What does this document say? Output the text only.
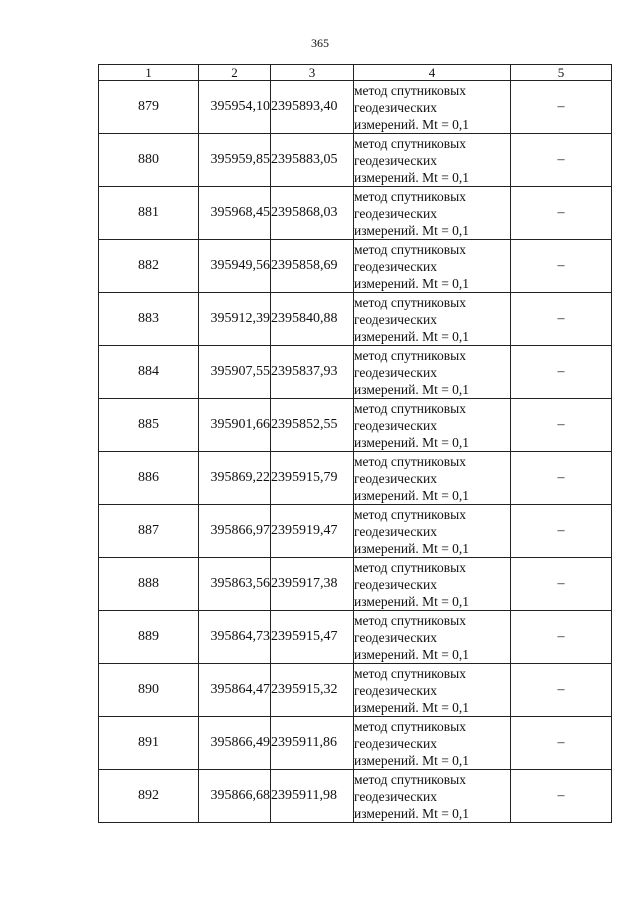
365
1	2	3	4	5
879	395954,10	2395893,40	метод спутниковых
геодезических
измерений. Mt = 0,1	–
880	395959,85	2395883,05	метод спутниковых
геодезических
измерений. Mt = 0,1	–
881	395968,45	2395868,03	метод спутниковых
геодезических
измерений. Mt = 0,1	–
882	395949,56	2395858,69	метод спутниковых
геодезических
измерений. Mt = 0,1	–
883	395912,39	2395840,88	метод спутниковых
геодезических
измерений. Mt = 0,1	–
884	395907,55	2395837,93	метод спутниковых
геодезических
измерений. Mt = 0,1	–
885	395901,66	2395852,55	метод спутниковых
геодезических
измерений. Mt = 0,1	–
886	395869,22	2395915,79	метод спутниковых
геодезических
измерений. Mt = 0,1	–
887	395866,97	2395919,47	метод спутниковых
геодезических
измерений. Mt = 0,1	–
888	395863,56	2395917,38	метод спутниковых
геодезических
измерений. Mt = 0,1	–
889	395864,73	2395915,47	метод спутниковых
геодезических
измерений. Mt = 0,1	–
890	395864,47	2395915,32	метод спутниковых
геодезических
измерений. Mt = 0,1	–
891	395866,49	2395911,86	метод спутниковых
геодезических
измерений. Mt = 0,1	–
892	395866,68	2395911,98	метод спутниковых
геодезических
измерений. Mt = 0,1	–
